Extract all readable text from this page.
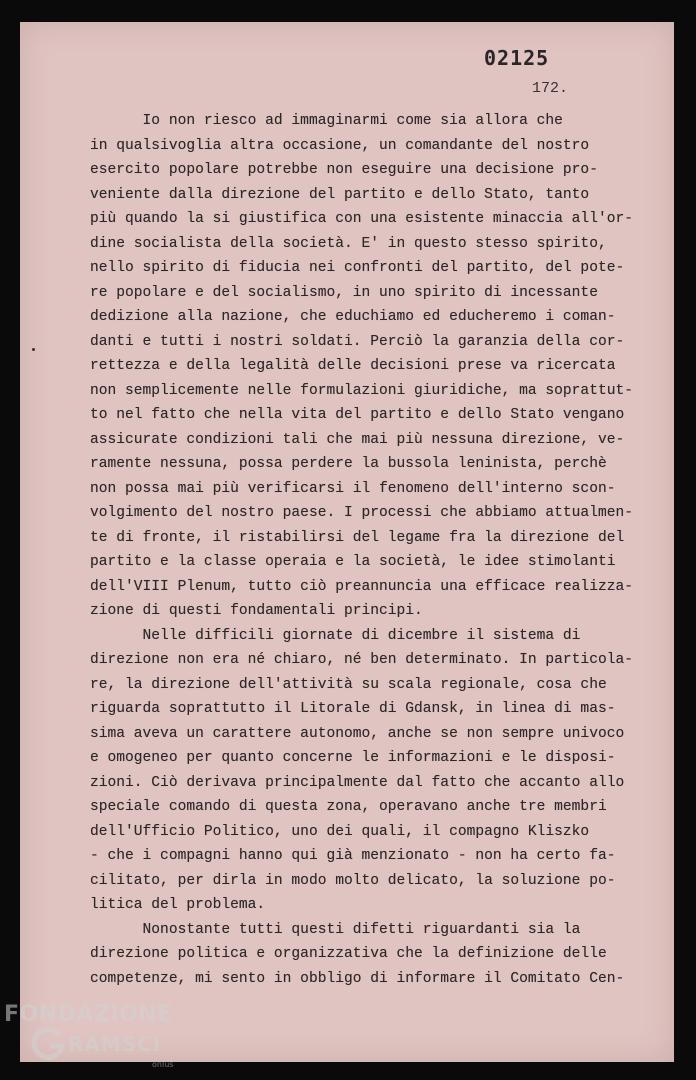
02125
172.
Io non riesco ad immaginarmi come sia allora che
in qualsivoglia altra occasione, un comandante del nostro
esercito popolare potrebbe non eseguire una decisione pro-
veniente dalla direzione del partito e dello Stato, tanto
più quando la si giustifica con una esistente minaccia all'or-
dine socialista della società. E' in questo stesso spirito,
nello spirito di fiducia nei confronti del partito, del pote-
re popolare e del socialismo, in uno spirito di incessante
dedizione alla nazione, che educhiamo ed educheremo i coman-
danti e tutti i nostri soldati. Perciò la garanzia della cor-
rettezza e della legalità delle decisioni prese va ricercata
non semplicemente nelle formulazioni giuridiche, ma soprattut-
to nel fatto che nella vita del partito e dello Stato vengano
assicurate condizioni tali che mai più nessuna direzione, ve-
ramente nessuna, possa perdere la bussola leninista, perchè
non possa mai più verificarsi il fenomeno dell'interno scon-
volgimento del nostro paese. I processi che abbiamo attualmen-
te di fronte, il ristabilirsi del legame fra la direzione del
partito e la classe operaia e la società, le idee stimolanti
dell'VIII Plenum, tutto ciò preannuncia una efficace realizza-
zione di questi fondamentali principi.
Nelle difficili giornate di dicembre il sistema di
direzione non era né chiaro, né ben determinato. In particola-
re, la direzione dell'attività su scala regionale, cosa che
riguarda soprattutto il Litorale di Gdansk, in linea di mas-
sima aveva un carattere autonomo, anche se non sempre univoco
e omogeneo per quanto concerne le informazioni e le disposi-
zioni. Ciò derivava principalmente dal fatto che accanto allo
speciale comando di questa zona, operavano anche tre membri
dell'Ufficio Politico, uno dei quali, il compagno Kliszko
- che i compagni hanno qui già menzionato - non ha certo fa-
cilitato, per dirla in modo molto delicato, la soluzione po-
litica del problema.
Nonostante tutti questi difetti riguardanti sia la
direzione politica e organizzativa che la definizione delle
competenze, mi sento in obbligo di informare il Comitato Cen-
FONDAZIONE
RAMSCI
onlus
